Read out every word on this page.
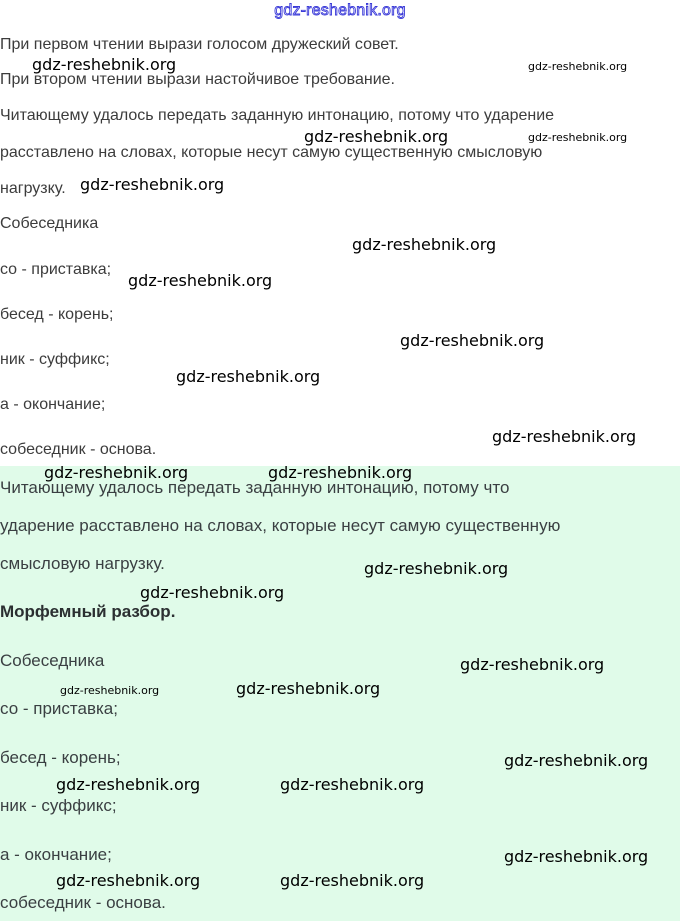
gdz-reshebnik.org
При первом чтении вырази голосом дружеский совет.
При втором чтении вырази настойчивое требование.
Читающему удалось передать заданную интонацию, потому что ударение
расставлено на словах, которые несут самую существенную смысловую
нагрузку.
Собеседника
со - приставка;
бесед - корень;
ник - суффикс;
а - окончание;
собеседник - основа.
Читающему удалось передать заданную интонацию, потому что
ударение расставлено на словах, которые несут самую существенную
смысловую нагрузку.
Морфемный разбор.
Собеседника
со - приставка;
бесед - корень;
ник - суффикс;
а - окончание;
собеседник - основа.
gdz-reshebnik.org	gdz-reshebnik.org
gdz-reshebnik.org	gdz-reshebnik.org
gdz-reshebnik.org
gdz-reshebnik.org
gdz-reshebnik.org
gdz-reshebnik.org
gdz-reshebnik.org
gdz-reshebnik.org
gdz-reshebnik.org	gdz-reshebnik.org
gdz-reshebnik.org
gdz-reshebnik.org
gdz-reshebnik.org
gdz-reshebnik.org
gdz-reshebnik.org
gdz-reshebnik.org
gdz-reshebnik.org	gdz-reshebnik.org
gdz-reshebnik.org
gdz-reshebnik.org	gdz-reshebnik.org
